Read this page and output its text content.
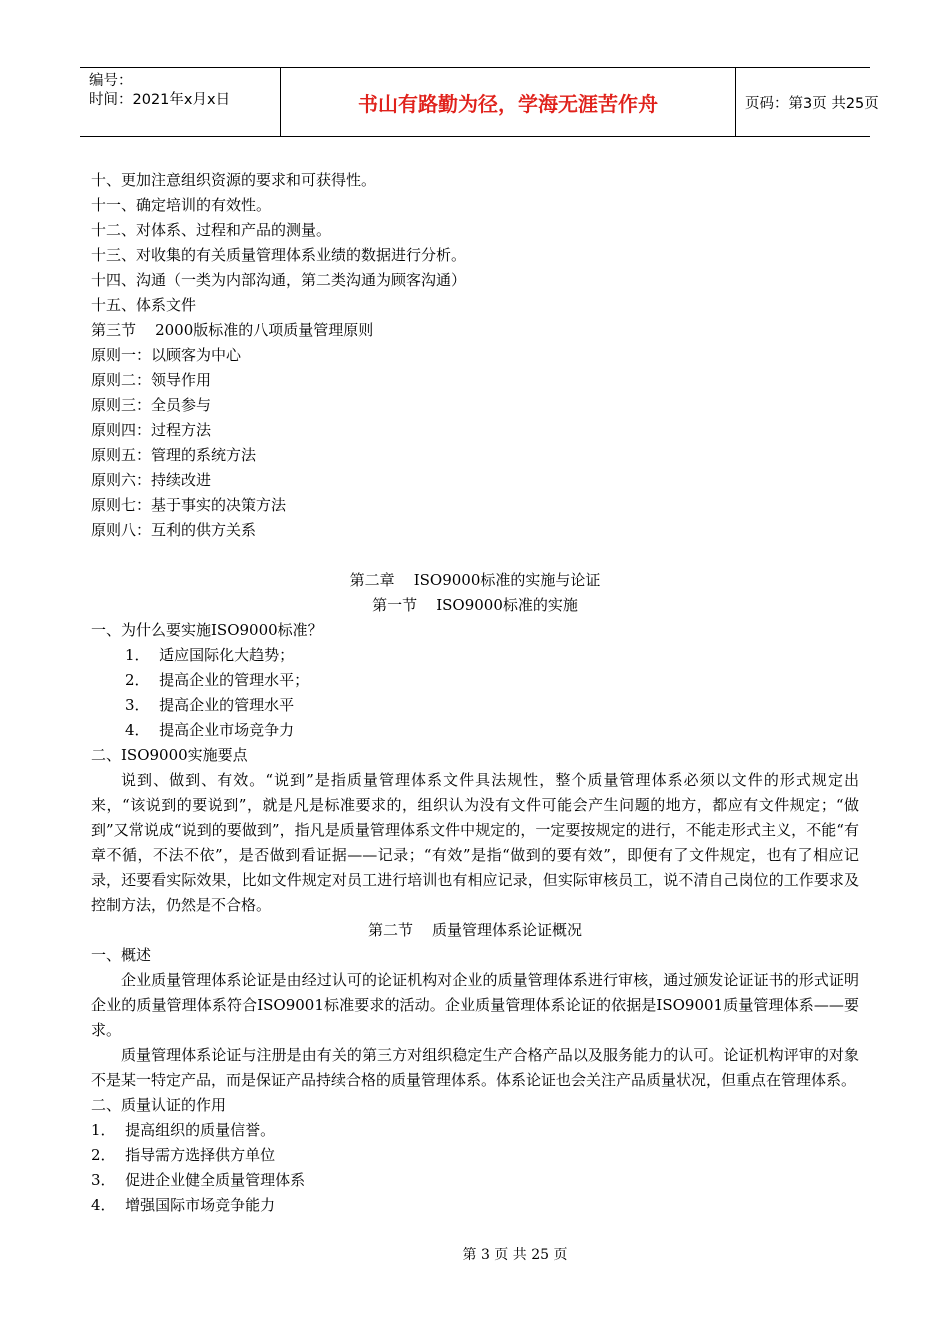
编号：
时间：2021年x月x日	书山有路勤为径，学海无涯苦作舟	页码：第3页 共25页
十、更加注意组织资源的要求和可获得性。
十一、确定培训的有效性。
十二、对体系、过程和产品的测量。
十三、对收集的有关质量管理体系业绩的数据进行分析。
十四、沟通（一类为内部沟通，第二类沟通为顾客沟通）
十五、体系文件
第三节    2000版标准的八项质量管理原则
原则一：以顾客为中心
原则二：领导作用
原则三：全员参与
原则四：过程方法
原则五：管理的系统方法
原则六：持续改进
原则七：基于事实的决策方法
原则八：互利的供方关系
第二章    ISO9000标准的实施与论证
第一节    ISO9000标准的实施
一、为什么要实施ISO9000标准？
1．  适应国际化大趋势；
2．  提高企业的管理水平；
3．  提高企业的管理水平
4．  提高企业市场竞争力
二、ISO9000实施要点
说到、做到、有效。“说到”是指质量管理体系文件具法规性，整个质量管理体系必须以文件的形式规定出来，“该说到的要说到”，就是凡是标准要求的，组织认为没有文件可能会产生问题的地方，都应有文件规定；“做到”又常说成“说到的要做到”，指凡是质量管理体系文件中规定的，一定要按规定的进行，不能走形式主义，不能“有章不循，不法不依”，是否做到看证据——记录；“有效”是指“做到的要有效”，即便有了文件规定，也有了相应记录，还要看实际效果，比如文件规定对员工进行培训也有相应记录，但实际审核员工，说不清自己岗位的工作要求及控制方法，仍然是不合格。
第二节    质量管理体系论证概况
一、概述
企业质量管理体系论证是由经过认可的论证机构对企业的质量管理体系进行审核，通过颁发论证证书的形式证明企业的质量管理体系符合ISO9001标准要求的活动。企业质量管理体系论证的依据是ISO9001质量管理体系——要求。
质量管理体系论证与注册是由有关的第三方对组织稳定生产合格产品以及服务能力的认可。论证机构评审的对象不是某一特定产品，而是保证产品持续合格的质量管理体系。体系论证也会关注产品质量状况，但重点在管理体系。
二、质量认证的作用
1．  提高组织的质量信誉。
2．  指导需方选择供方单位
3．  促进企业健全质量管理体系
4．  增强国际市场竞争能力
第 3 页 共 25 页
